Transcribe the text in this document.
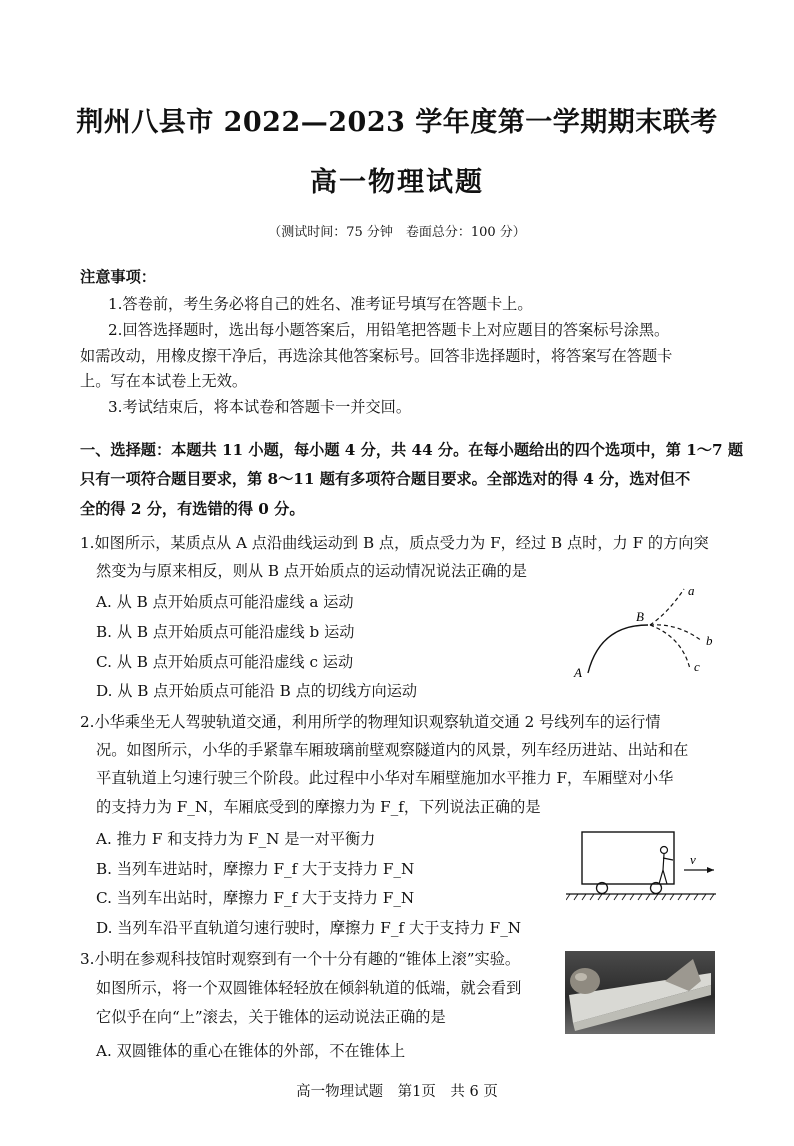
荆州八县市 2022—2023 学年度第一学期期末联考
高一物理试题
（测试时间：75 分钟　卷面总分：100 分）
注意事项：
1.答卷前，考生务必将自己的姓名、准考证号填写在答题卡上。
2.回答选择题时，选出每小题答案后，用铅笔把答题卡上对应题目的答案标号涂黑。
如需改动，用橡皮擦干净后，再选涂其他答案标号。回答非选择题时，将答案写在答题卡
上。写在本试卷上无效。
3.考试结束后，将本试卷和答题卡一并交回。
一、选择题：本题共 11 小题，每小题 4 分，共 44 分。在每小题给出的四个选项中，第 1～7 题
只有一项符合题目要求，第 8～11 题有多项符合题目要求。全部选对的得 4 分，选对但不
全的得 2 分，有选错的得 0 分。
1.如图所示，某质点从 A 点沿曲线运动到 B 点，质点受力为 F，经过 B 点时，力 F 的方向突
然变为与原来相反，则从 B 点开始质点的运动情况说法正确的是
A. 从 B 点开始质点可能沿虚线 a 运动
B. 从 B 点开始质点可能沿虚线 b 运动
C. 从 B 点开始质点可能沿虚线 c 运动
D. 从 B 点开始质点可能沿 B 点的切线方向运动
A
B
a
b
c
2.小华乘坐无人驾驶轨道交通，利用所学的物理知识观察轨道交通 2 号线列车的运行情
况。如图所示，小华的手紧靠车厢玻璃前壁观察隧道内的风景，列车经历进站、出站和在
平直轨道上匀速行驶三个阶段。此过程中小华对车厢壁施加水平推力 F，车厢壁对小华
的支持力为 F_N，车厢底受到的摩擦力为 F_f，下列说法正确的是
A. 推力 F 和支持力为 F_N 是一对平衡力
B. 当列车进站时，摩擦力 F_f 大于支持力 F_N
C. 当列车出站时，摩擦力 F_f 大于支持力 F_N
D. 当列车沿平直轨道匀速行驶时，摩擦力 F_f 大于支持力 F_N
v
3.小明在参观科技馆时观察到有一个十分有趣的“锥体上滚”实验。
如图所示，将一个双圆锥体轻轻放在倾斜轨道的低端，就会看到
它似乎在向“上”滚去，关于锥体的运动说法正确的是
A. 双圆锥体的重心在锥体的外部，不在锥体上
高一物理试题　第1页　共 6 页
